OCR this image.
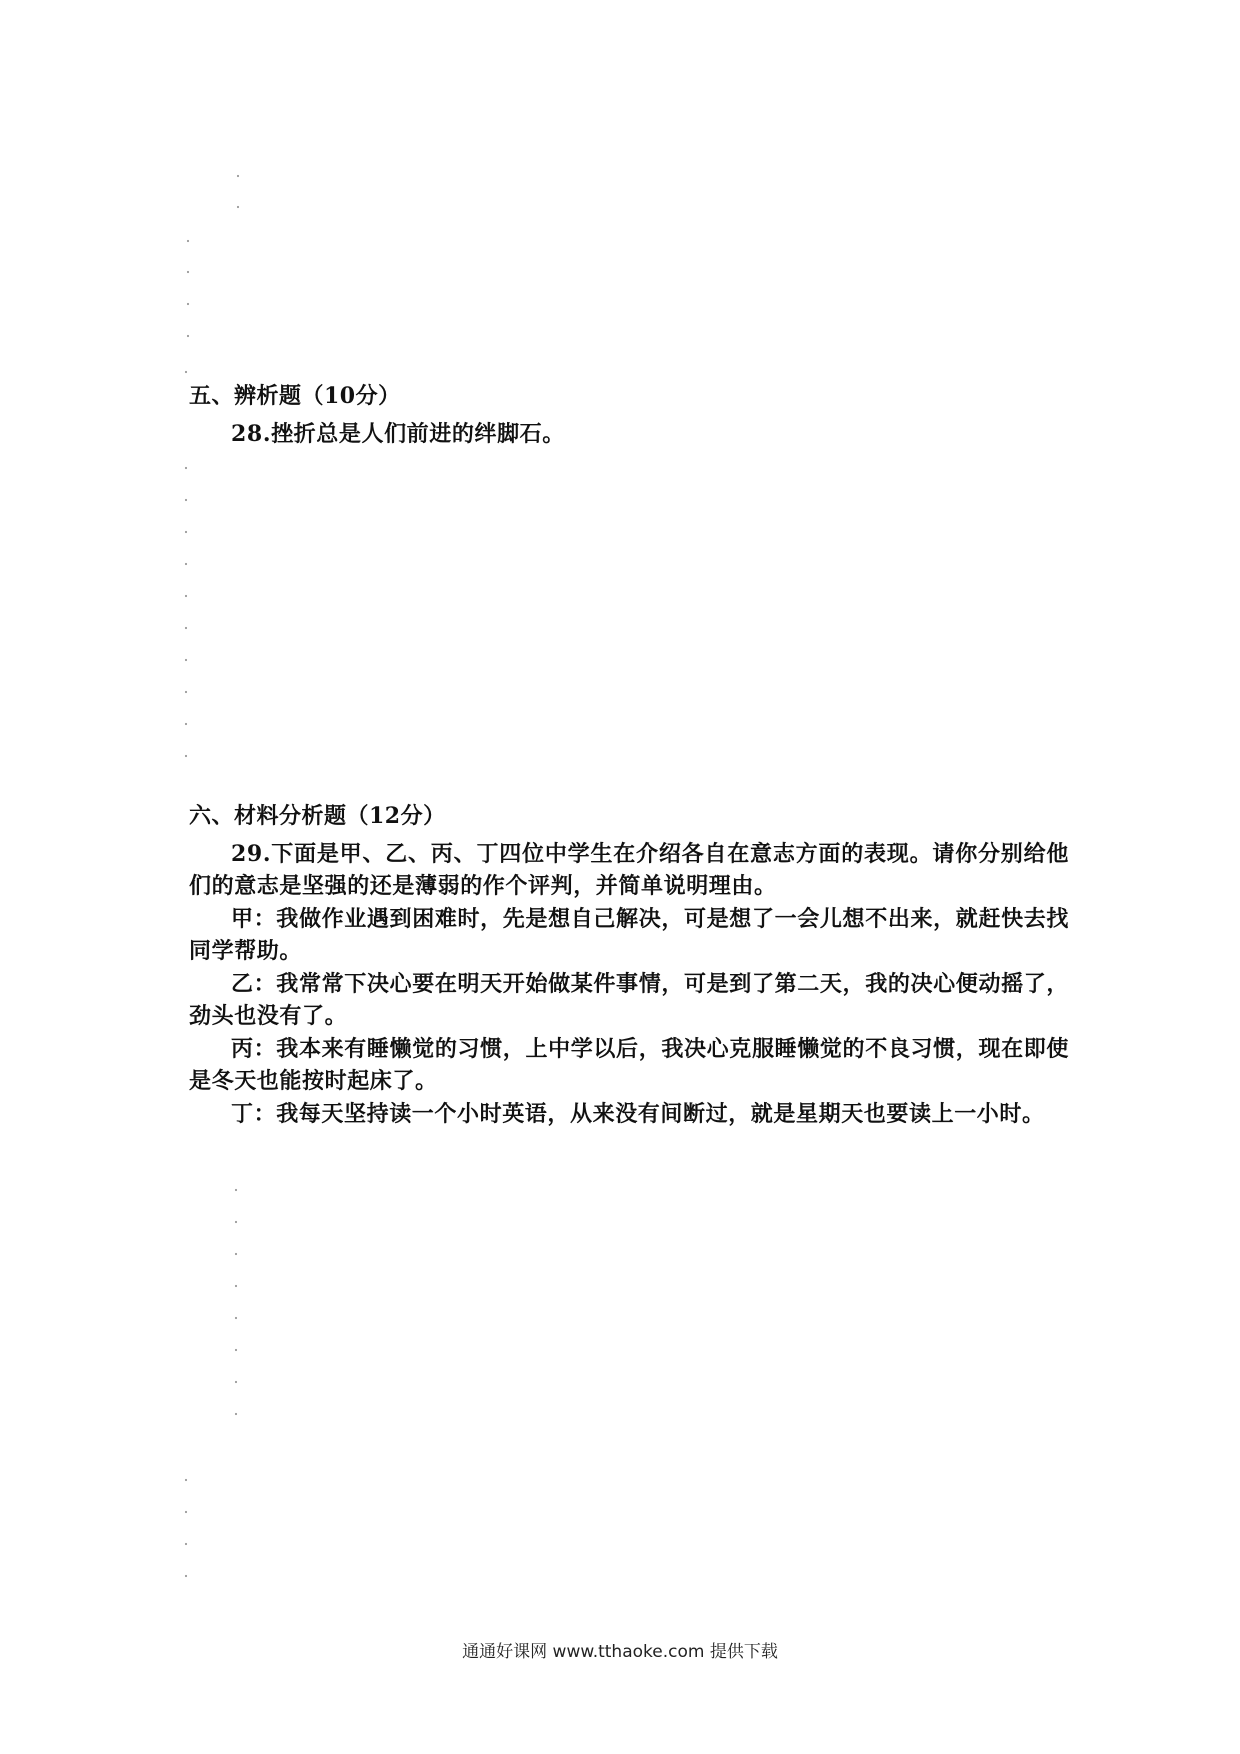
五、辨析题（10分）

28.挫折总是人们前进的绊脚石。

六、材料分析题（12分）

29.下面是甲、乙、丙、丁四位中学生在介绍各自在意志方面的表现。请你分别给他们的意志是坚强的还是薄弱的作个评判，并简单说明理由。

甲：我做作业遇到困难时，先是想自己解决，可是想了一会儿想不出来，就赶快去找同学帮助。

乙：我常常下决心要在明天开始做某件事情，可是到了第二天，我的决心便动摇了，劲头也没有了。

丙：我本来有睡懒觉的习惯，上中学以后，我决心克服睡懒觉的不良习惯，现在即使是冬天也能按时起床了。

丁：我每天坚持读一个小时英语，从来没有间断过，就是星期天也要读上一小时。

通通好课网 www.tthaoke.com 提供下载
